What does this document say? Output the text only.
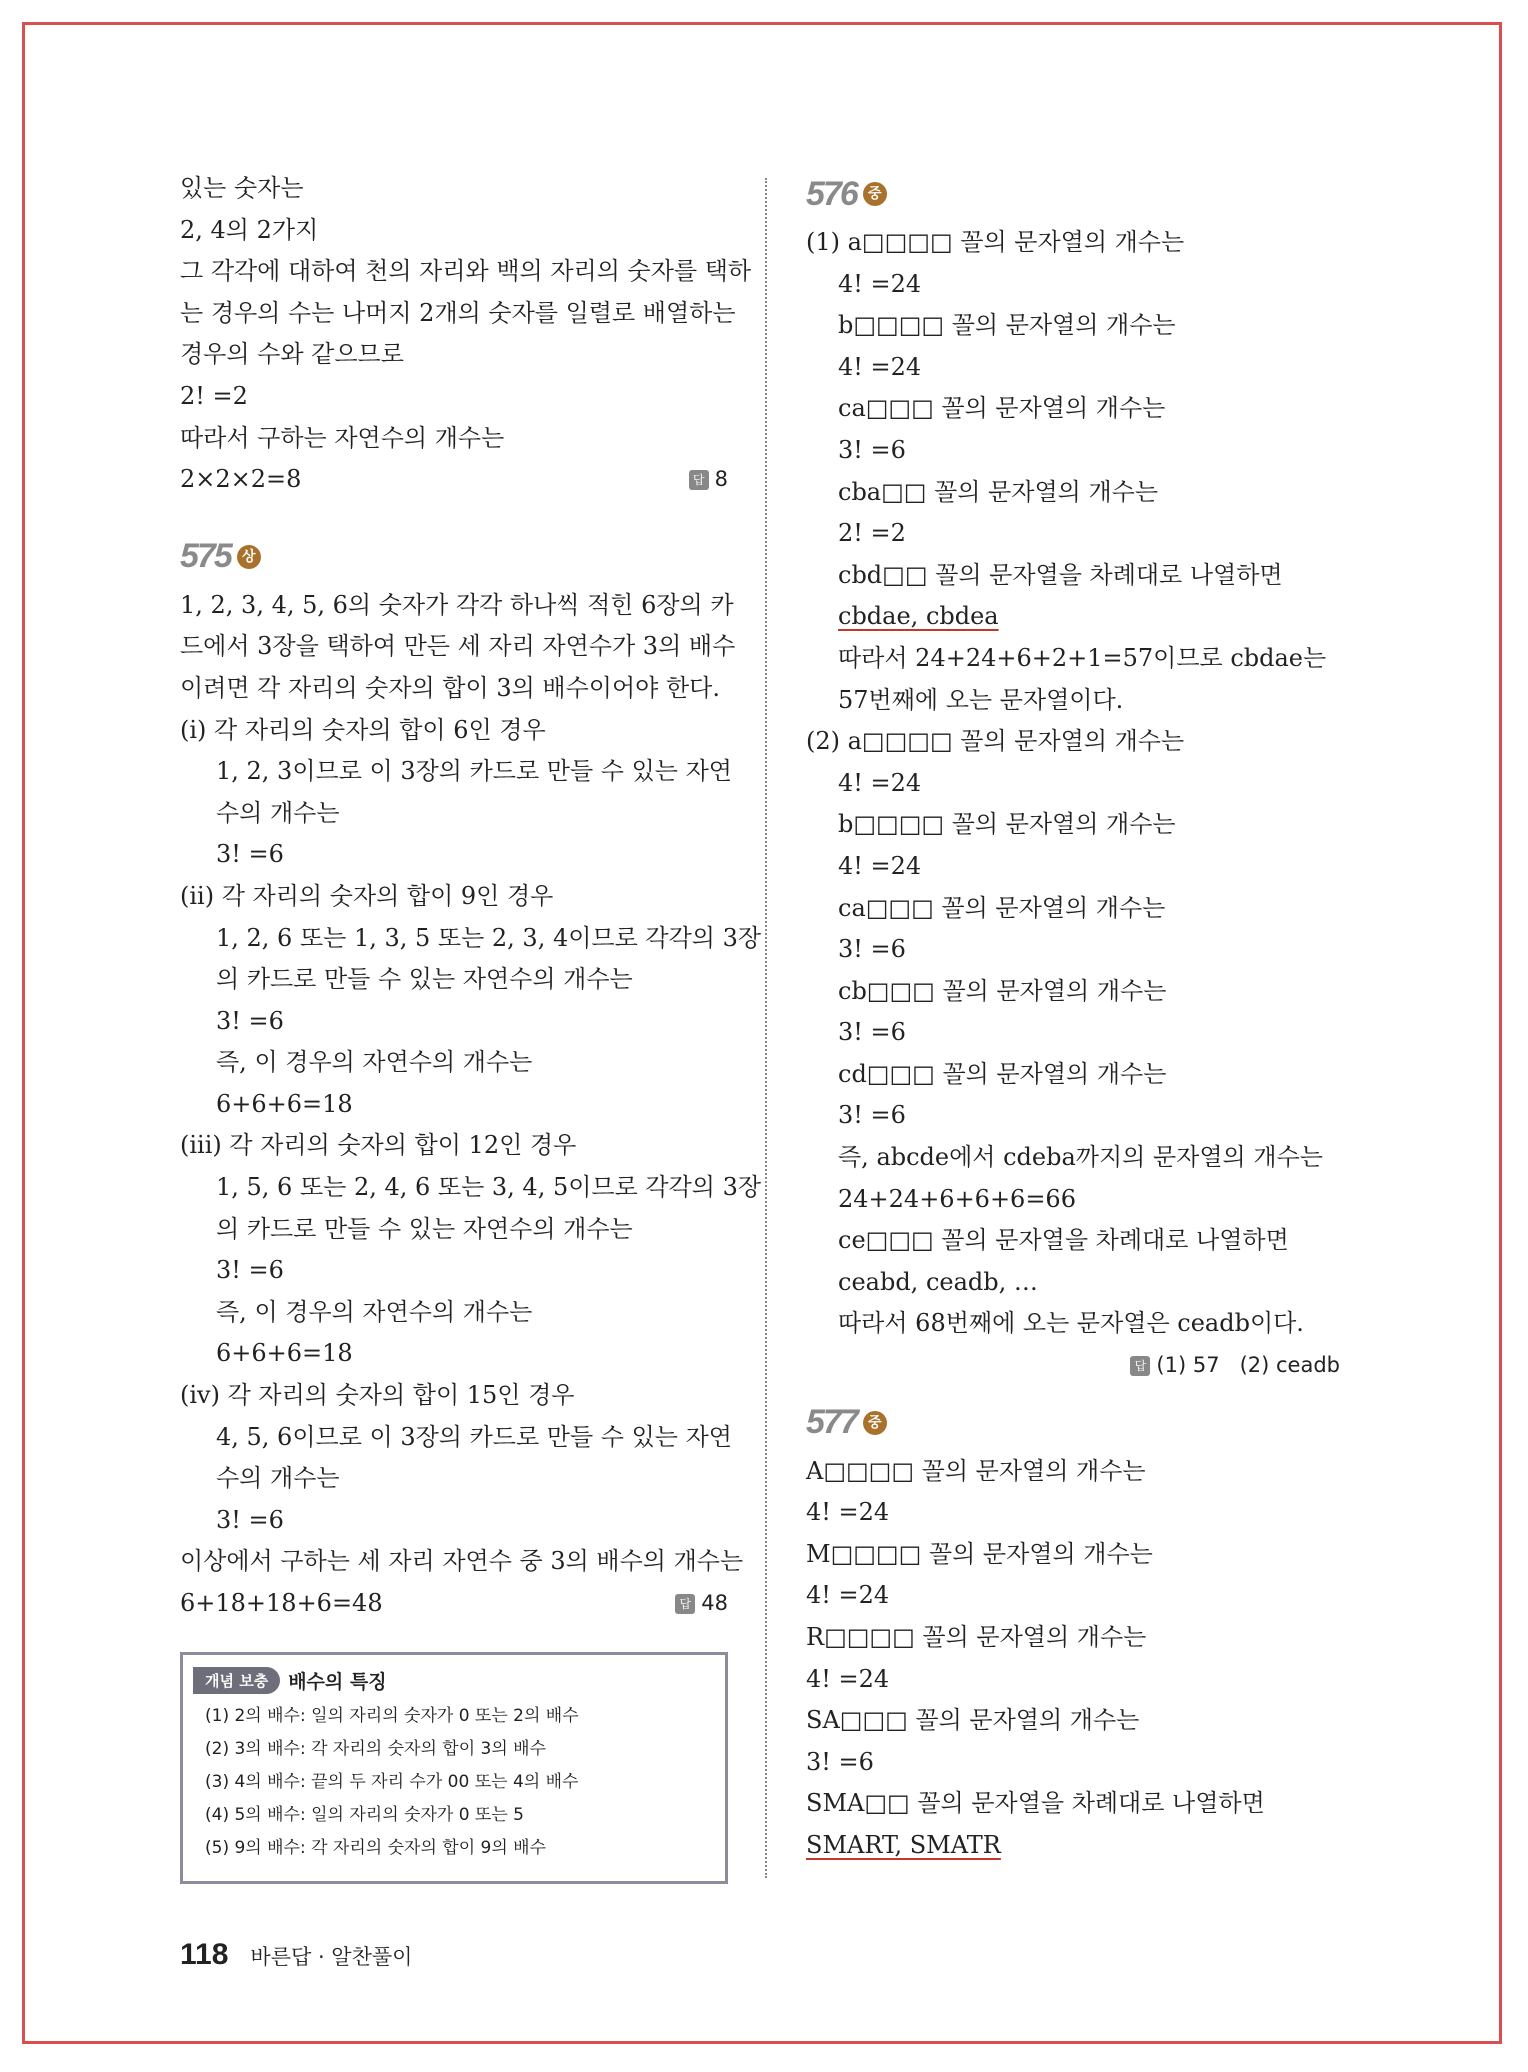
있는 숫자는
2, 4의 2가지
그 각각에 대하여 천의 자리와 백의 자리의 숫자를 택하
는 경우의 수는 나머지 2개의 숫자를 일렬로 배열하는
경우의 수와 같으므로
2! =2
따라서 구하는 자연수의 개수는
2×2×2=8	답 8
575 상
1, 2, 3, 4, 5, 6의 숫자가 각각 하나씩 적힌 6장의 카
드에서 3장을 택하여 만든 세 자리 자연수가 3의 배수
이려면 각 자리의 숫자의 합이 3의 배수이어야 한다.
(i) 각 자리의 숫자의 합이 6인 경우
1, 2, 3이므로 이 3장의 카드로 만들 수 있는 자연
수의 개수는
3! =6
(ii) 각 자리의 숫자의 합이 9인 경우
1, 2, 6 또는 1, 3, 5 또는 2, 3, 4이므로 각각의 3장
의 카드로 만들 수 있는 자연수의 개수는
3! =6
즉, 이 경우의 자연수의 개수는
6+6+6=18
(iii) 각 자리의 숫자의 합이 12인 경우
1, 5, 6 또는 2, 4, 6 또는 3, 4, 5이므로 각각의 3장
의 카드로 만들 수 있는 자연수의 개수는
3! =6
즉, 이 경우의 자연수의 개수는
6+6+6=18
(iv) 각 자리의 숫자의 합이 15인 경우
4, 5, 6이므로 이 3장의 카드로 만들 수 있는 자연
수의 개수는
3! =6
이상에서 구하는 세 자리 자연수 중 3의 배수의 개수는
6+18+18+6=48	답 48
개념 보충	배수의 특징
(1) 2의 배수: 일의 자리의 숫자가 0 또는 2의 배수
(2) 3의 배수: 각 자리의 숫자의 합이 3의 배수
(3) 4의 배수: 끝의 두 자리 수가 00 또는 4의 배수
(4) 5의 배수: 일의 자리의 숫자가 0 또는 5
(5) 9의 배수: 각 자리의 숫자의 합이 9의 배수
576 중
(1) a□□□□ 꼴의 문자열의 개수는
4! =24
b□□□□ 꼴의 문자열의 개수는
4! =24
ca□□□ 꼴의 문자열의 개수는
3! =6
cba□□ 꼴의 문자열의 개수는
2! =2
cbd□□ 꼴의 문자열을 차례대로 나열하면
cbdae, cbdea
따라서 24+24+6+2+1=57이므로 cbdae는
57번째에 오는 문자열이다.
(2) a□□□□ 꼴의 문자열의 개수는
4! =24
b□□□□ 꼴의 문자열의 개수는
4! =24
ca□□□ 꼴의 문자열의 개수는
3! =6
cb□□□ 꼴의 문자열의 개수는
3! =6
cd□□□ 꼴의 문자열의 개수는
3! =6
즉, abcde에서 cdeba까지의 문자열의 개수는
24+24+6+6+6=66
ce□□□ 꼴의 문자열을 차례대로 나열하면
ceabd, ceadb, …
따라서 68번째에 오는 문자열은 ceadb이다.
답 (1) 57   (2) ceadb
577 중
A□□□□ 꼴의 문자열의 개수는
4! =24
M□□□□ 꼴의 문자열의 개수는
4! =24
R□□□□ 꼴의 문자열의 개수는
4! =24
SA□□□ 꼴의 문자열의 개수는
3! =6
SMA□□ 꼴의 문자열을 차례대로 나열하면
SMART, SMATR
118 바른답 · 알찬풀이
